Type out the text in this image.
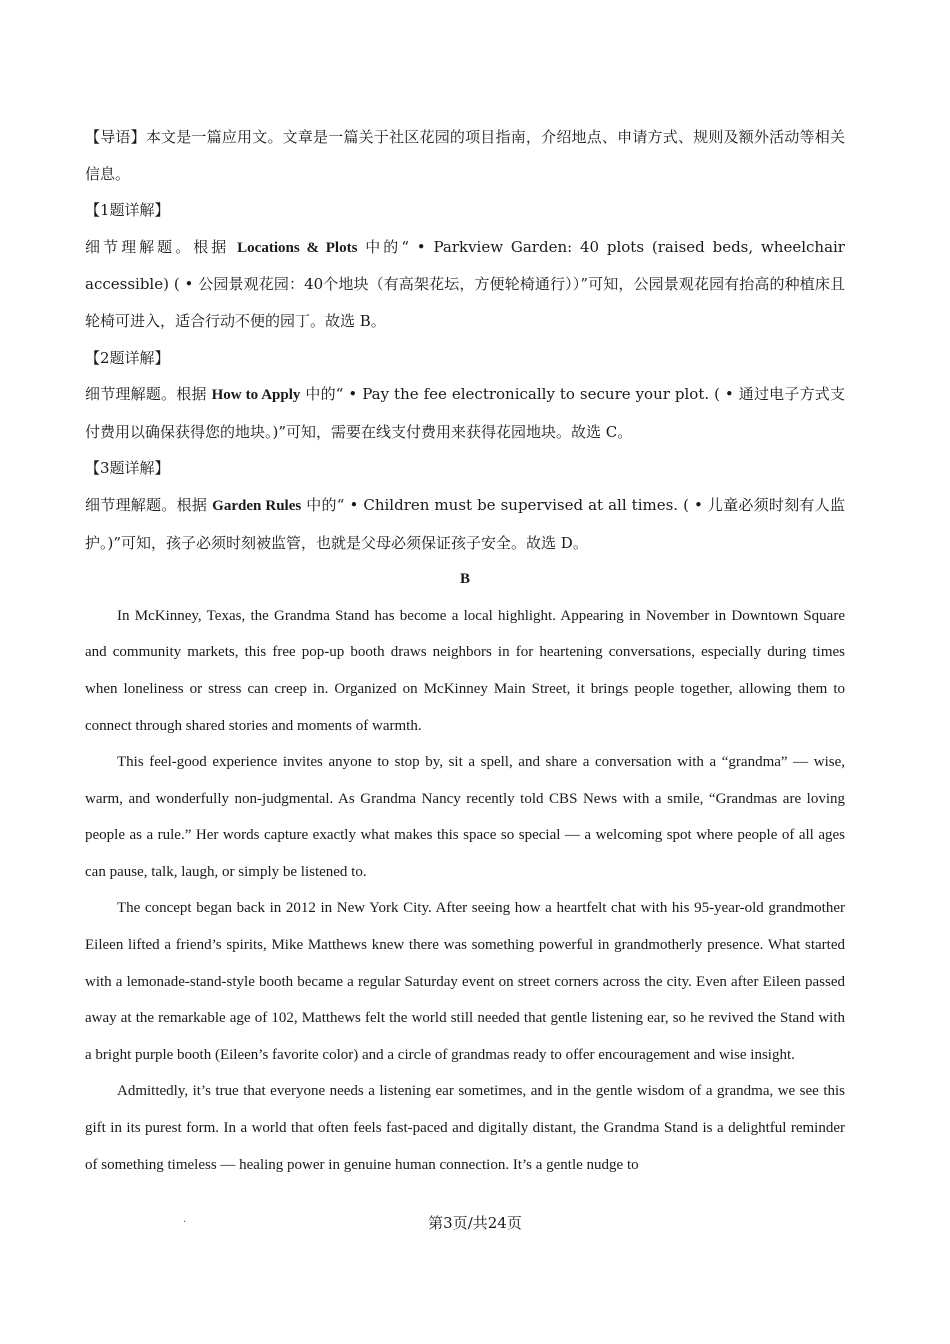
【导语】本文是一篇应用文。文章是一篇关于社区花园的项目指南，介绍地点、申请方式、规则及额外活动等相关信息。

【1题详解】

细节理解题。根据 Locations & Plots 中的“ • Parkview Garden: 40 plots (raised beds, wheelchair accessible) ( • 公园景观花园：40个地块（有高架花坛，方便轮椅通行））”可知，公园景观花园有抬高的种植床且轮椅可进入，适合行动不便的园丁。故选 B。

【2题详解】

细节理解题。根据 How to Apply 中的“ • Pay the fee electronically to secure your plot. ( • 通过电子方式支付费用以确保获得您的地块。)”可知，需要在线支付费用来获得花园地块。故选 C。

【3题详解】

细节理解题。根据 Garden Rules 中的“ • Children must be supervised at all times. ( • 儿童必须时刻有人监护。)”可知，孩子必须时刻被监管，也就是父母必须保证孩子安全。故选 D。

B

In McKinney, Texas, the Grandma Stand has become a local highlight. Appearing in November in Downtown Square and community markets, this free pop-up booth draws neighbors in for heartening conversations, especially during times when loneliness or stress can creep in. Organized on McKinney Main Street, it brings people together, allowing them to connect through shared stories and moments of warmth.

This feel-good experience invites anyone to stop by, sit a spell, and share a conversation with a “grandma” — wise, warm, and wonderfully non-judgmental. As Grandma Nancy recently told CBS News with a smile, “Grandmas are loving people as a rule.” Her words capture exactly what makes this space so special — a welcoming spot where people of all ages can pause, talk, laugh, or simply be listened to.

The concept began back in 2012 in New York City. After seeing how a heartfelt chat with his 95-year-old grandmother Eileen lifted a friend’s spirits, Mike Matthews knew there was something powerful in grandmotherly presence. What started with a lemonade-stand-style booth became a regular Saturday event on street corners across the city. Even after Eileen passed away at the remarkable age of 102, Matthews felt the world still needed that gentle listening ear, so he revived the Stand with a bright purple booth (Eileen’s favorite color) and a circle of grandmas ready to offer encouragement and wise insight.

Admittedly, it’s true that everyone needs a listening ear sometimes, and in the gentle wisdom of a grandma, we see this gift in its purest form. In a world that often feels fast-paced and digitally distant, the Grandma Stand is a delightful reminder of something timeless — healing power in genuine human connection. It’s a gentle nudge to

.	第3页/共24页
